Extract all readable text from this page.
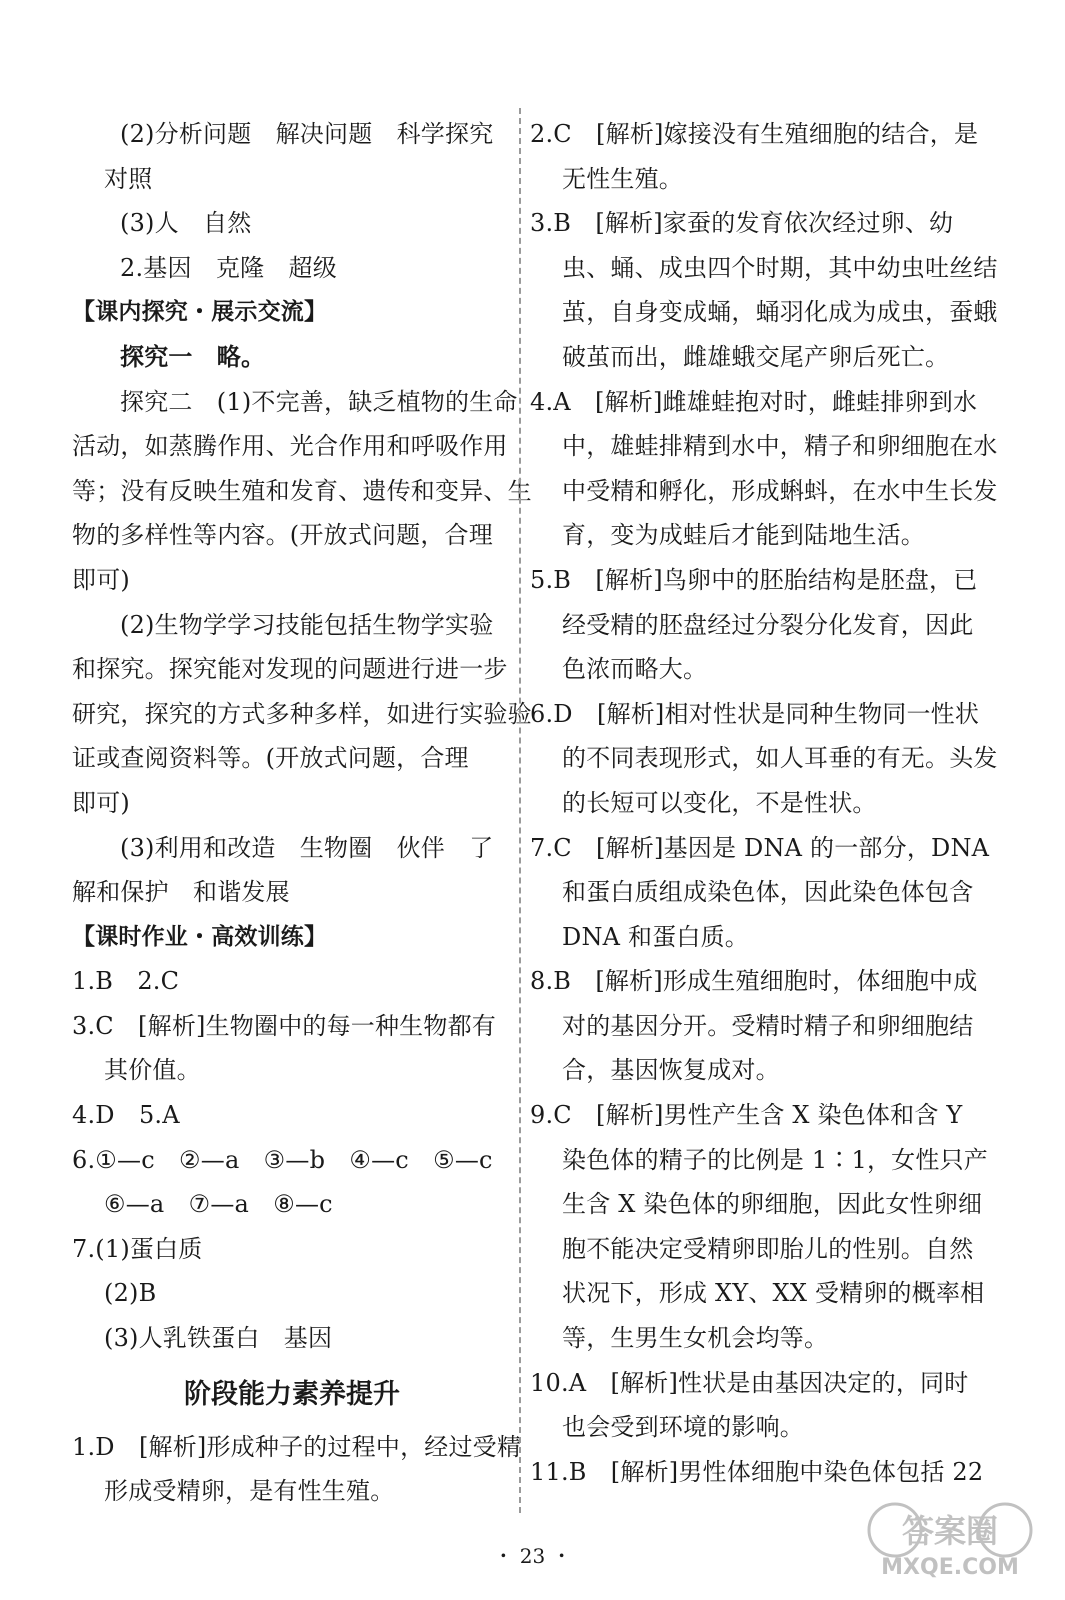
(2)分析问题　解决问题　科学探究
对照
(3)人　自然
2.基因　克隆　超级
【课内探究・展示交流】
探究一　略。
探究二　(1)不完善，缺乏植物的生命
活动，如蒸腾作用、光合作用和呼吸作用
等；没有反映生殖和发育、遗传和变异、生
物的多样性等内容。(开放式问题，合理
即可)
(2)生物学学习技能包括生物学实验
和探究。探究能对发现的问题进行进一步
研究，探究的方式多种多样，如进行实验验
证或查阅资料等。(开放式问题，合理
即可)
(3)利用和改造　生物圈　伙伴　了
解和保护　和谐发展
【课时作业・高效训练】
1.B　2.C
3.C　[解析]生物圈中的每一种生物都有
其价值。
4.D　5.A
6.①—c　②—a　③—b　④—c　⑤—c
⑥—a　⑦—a　⑧—c
7.(1)蛋白质
(2)B
(3)人乳铁蛋白　基因
阶段能力素养提升
1.D　[解析]形成种子的过程中，经过受精
形成受精卵，是有性生殖。
2.C　[解析]嫁接没有生殖细胞的结合，是
无性生殖。
3.B　[解析]家蚕的发育依次经过卵、幼
虫、蛹、成虫四个时期，其中幼虫吐丝结
茧，自身变成蛹，蛹羽化成为成虫，蚕蛾
破茧而出，雌雄蛾交尾产卵后死亡。
4.A　[解析]雌雄蛙抱对时，雌蛙排卵到水
中，雄蛙排精到水中，精子和卵细胞在水
中受精和孵化，形成蝌蚪，在水中生长发
育，变为成蛙后才能到陆地生活。
5.B　[解析]鸟卵中的胚胎结构是胚盘，已
经受精的胚盘经过分裂分化发育，因此
色浓而略大。
6.D　[解析]相对性状是同种生物同一性状
的不同表现形式，如人耳垂的有无。头发
的长短可以变化，不是性状。
7.C　[解析]基因是 DNA 的一部分，DNA
和蛋白质组成染色体，因此染色体包含
DNA 和蛋白质。
8.B　[解析]形成生殖细胞时，体细胞中成
对的基因分开。受精时精子和卵细胞结
合，基因恢复成对。
9.C　[解析]男性产生含 X 染色体和含 Y
染色体的精子的比例是 1∶1，女性只产
生含 X 染色体的卵细胞，因此女性卵细
胞不能决定受精卵即胎儿的性别。自然
状况下，形成 XY、XX 受精卵的概率相
等，生男生女机会均等。
10.A　[解析]性状是由基因决定的，同时
也会受到环境的影响。
11.B　[解析]男性体细胞中染色体包括 22
・ 23 ・
答案圈
MXQE.COM
